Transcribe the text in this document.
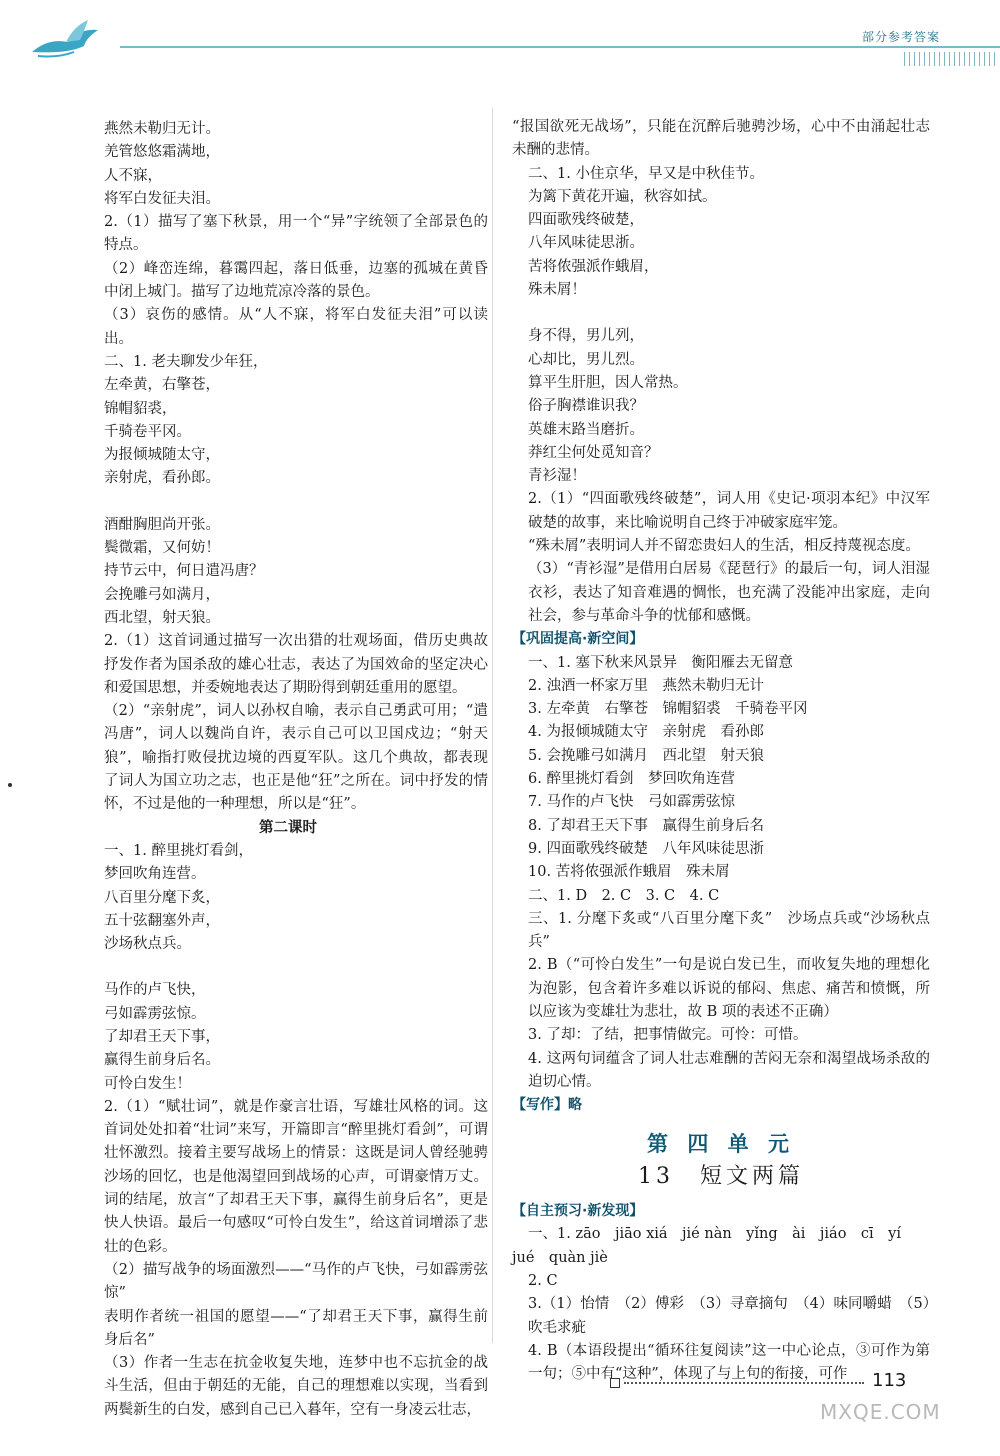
部分参考答案

燕然未勒归无计。

羌管悠悠霜满地，

人不寐，

将军白发征夫泪。

2.（1）描写了塞下秋景，用一个“异”字统领了全部景色的特点。

（2）峰峦连绵，暮霭四起，落日低垂，边塞的孤城在黄昏中闭上城门。描写了边地荒凉冷落的景色。

（3）哀伤的感情。从“人不寐，将军白发征夫泪”可以读出。

二、1. 老夫聊发少年狂，

左牵黄，右擎苍，

锦帽貂裘，

千骑卷平冈。

为报倾城随太守，

亲射虎，看孙郎。

酒酣胸胆尚开张。

鬓微霜，又何妨！

持节云中，何日遣冯唐？

会挽雕弓如满月，

西北望，射天狼。

2.（1）这首词通过描写一次出猎的壮观场面，借历史典故抒发作者为国杀敌的雄心壮志，表达了为国效命的坚定决心和爱国思想，并委婉地表达了期盼得到朝廷重用的愿望。

（2）“亲射虎”，词人以孙权自喻，表示自己勇武可用；“遣冯唐”，词人以魏尚自许，表示自己可以卫国戍边；“射天狼”，喻指打败侵扰边境的西夏军队。这几个典故，都表现了词人为国立功之志，也正是他“狂”之所在。词中抒发的情怀，不过是他的一种理想，所以是“狂”。

第二课时

一、1. 醉里挑灯看剑，

梦回吹角连营。

八百里分麾下炙，

五十弦翻塞外声，

沙场秋点兵。

马作的卢飞快，

弓如霹雳弦惊。

了却君王天下事，

赢得生前身后名。

可怜白发生！

2.（1）“赋壮词”，就是作豪言壮语，写雄壮风格的词。这首词处处扣着“壮词”来写，开篇即言“醉里挑灯看剑”，可谓壮怀激烈。接着主要写战场上的情景：这既是词人曾经驰骋沙场的回忆，也是他渴望回到战场的心声，可谓豪情万丈。词的结尾，放言“了却君王天下事，赢得生前身后名”，更是快人快语。最后一句感叹“可怜白发生”，给这首词增添了悲壮的色彩。

（2）描写战争的场面激烈——“马作的卢飞快，弓如霹雳弦惊”

表明作者统一祖国的愿望——“了却君王天下事，赢得生前身后名”

（3）作者一生志在抗金收复失地，连梦中也不忘抗金的战斗生活，但由于朝廷的无能，自己的理想难以实现，当看到两鬓新生的白发，感到自己已入暮年，空有一身凌云壮志，

“报国欲死无战场”，只能在沉醉后驰骋沙场，心中不由涌起壮志未酬的悲情。

二、1. 小住京华，早又是中秋佳节。

为篱下黄花开遍，秋容如拭。

四面歌残终破楚，

八年风味徒思浙。

苦将侬强派作蛾眉，

殊未屑！

身不得，男儿列，

心却比，男儿烈。

算平生肝胆，因人常热。

俗子胸襟谁识我？

英雄末路当磨折。

莽红尘何处觅知音？

青衫湿！

2.（1）“四面歌残终破楚”，词人用《史记·项羽本纪》中汉军破楚的故事，来比喻说明自己终于冲破家庭牢笼。

“殊未屑”表明词人并不留恋贵妇人的生活，相反持蔑视态度。

（3）“青衫湿”是借用白居易《琵琶行》的最后一句，词人泪湿衣衫，表达了知音难遇的惆怅，也充满了没能冲出家庭，走向社会，参与革命斗争的忧郁和感慨。

【巩固提高·新空间】

一、1. 塞下秋来风景异　衡阳雁去无留意

2. 浊酒一杯家万里　燕然未勒归无计

3. 左牵黄　右擎苍　锦帽貂裘　千骑卷平冈

4. 为报倾城随太守　亲射虎　看孙郎

5. 会挽雕弓如满月　西北望　射天狼

6. 醉里挑灯看剑　梦回吹角连营

7. 马作的卢飞快　弓如霹雳弦惊

8. 了却君王天下事　赢得生前身后名

9. 四面歌残终破楚　八年风味徒思浙

10. 苦将侬强派作蛾眉　殊未屑

二、1. D　2. C　3. C　4. C

三、1. 分麾下炙或“八百里分麾下炙”　沙场点兵或“沙场秋点兵”

2. B（“可怜白发生”一句是说白发已生，而收复失地的理想化为泡影，包含着许多难以诉说的郁闷、焦虑、痛苦和愤慨，所以应该为变雄壮为悲壮，故 B 项的表述不正确）

3. 了却：了结，把事情做完。可怜：可惜。

4. 这两句词蕴含了词人壮志难酬的苦闷无奈和渴望战场杀敌的迫切心情。

【写作】略

第 四 单 元

13　短文两篇

【自主预习·新发现】

一、1. zāo　jiāo xiá　jié nàn　yǐng　ài　jiáo　cī　yí

jué　quàn jiè

2. C

3.（1）怡情　（2）傅彩　（3）寻章摘句　（4）味同嚼蜡　（5）吹毛求疵

4. B（本语段提出“循环往复阅读”这一中心论点，③可作为第一句；⑤中有“这种”，体现了与上句的衔接，可作	113
MXQE.COM
